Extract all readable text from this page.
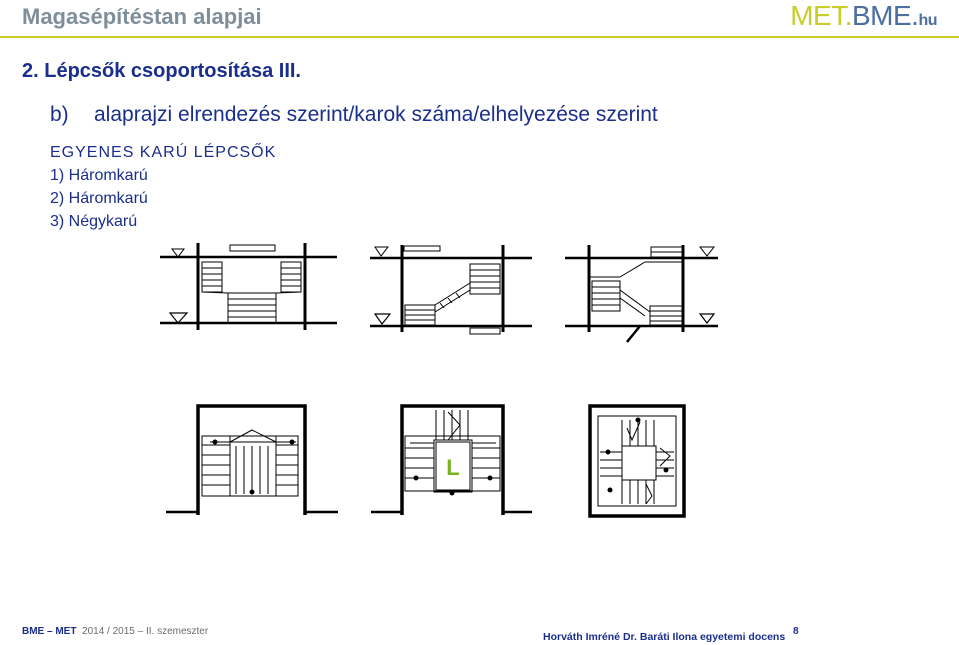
Magasépítéstan alapjai	MET.BME.hu
2. Lépcsők csoportosítása III.
b) alaprajzi elrendezés szerint/karok száma/elhelyezése szerint
EGYENES KARÚ LÉPCSŐK
1) Háromkarú
2) Háromkarú
3) Négykarú
L
BME – MET 2014 / 2015 – II. szemeszter	Horváth Imréné Dr. Baráti Ilona egyetemi docens 8
